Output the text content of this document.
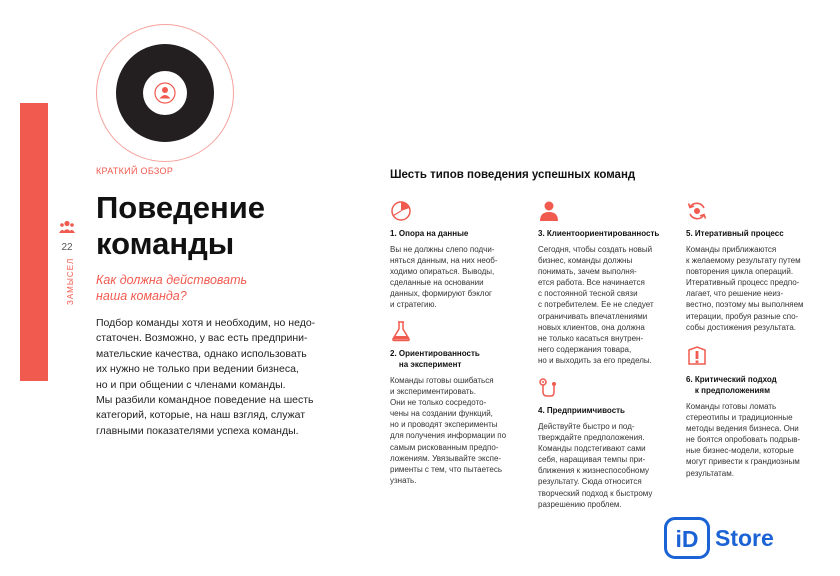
22
ЗАМЫСЕЛ
КРАТКИЙ ОБЗОР
Поведение
команды
Как должна действовать
наша команда?
Подбор команды хотя и необходим, но недо-
статочен. Возможно, у вас есть предприни-
мательские качества, однако использовать
их нужно не только при ведении бизнеса,
но и при общении с членами команды.
Мы разбили командное поведение на шесть
категорий, которые, на наш взгляд, служат
главными показателями успеха команды.
Шесть типов поведения успешных команд
1. Опора на данные
Вы не должны слепо подчи-
няться данным, на них необ-
ходимо опираться. Выводы,
сделанные на основании
данных, формируют бэклог
и стратегию.
2. Ориентированность
на эксперимент
Команды готовы ошибаться
и экспериментировать.
Они не только сосредото-
чены на создании функций,
но и проводят эксперименты
для получения информации по
самым рискованным предпо-
ложениям. Увязывайте экспе-
рименты с тем, что пытаетесь
узнать.
3. Клиентоориентированность
Сегодня, чтобы создать новый
бизнес, команды должны
понимать, зачем выполня-
ется работа. Все начинается
с постоянной тесной связи
с потребителем. Ее не следует
ограничивать впечатлениями
новых клиентов, она должна
не только касаться внутрен-
него содержания товара,
но и выходить за его пределы.
4. Предприимчивость
Действуйте быстро и под-
тверждайте предположения.
Команды подстегивают сами
себя, наращивая темпы при-
ближения к жизнеспособному
результату. Сюда относится
творческий подход к быстрому
разрешению проблем.
5. Итеративный процесс
Команды приближаются
к желаемому результату путем
повторения цикла операций.
Итеративный процесс предпо-
лагает, что решение неиз-
вестно, поэтому мы выполняем
итерации, пробуя разные спо-
собы достижения результата.
6. Критический подход
к предположениям
Команды готовы ломать
стереотипы и традиционные
методы ведения бизнеса. Они
не боятся опробовать подрыв-
ные бизнес-модели, которые
могут привести к грандиозным
результатам.
iD Store
